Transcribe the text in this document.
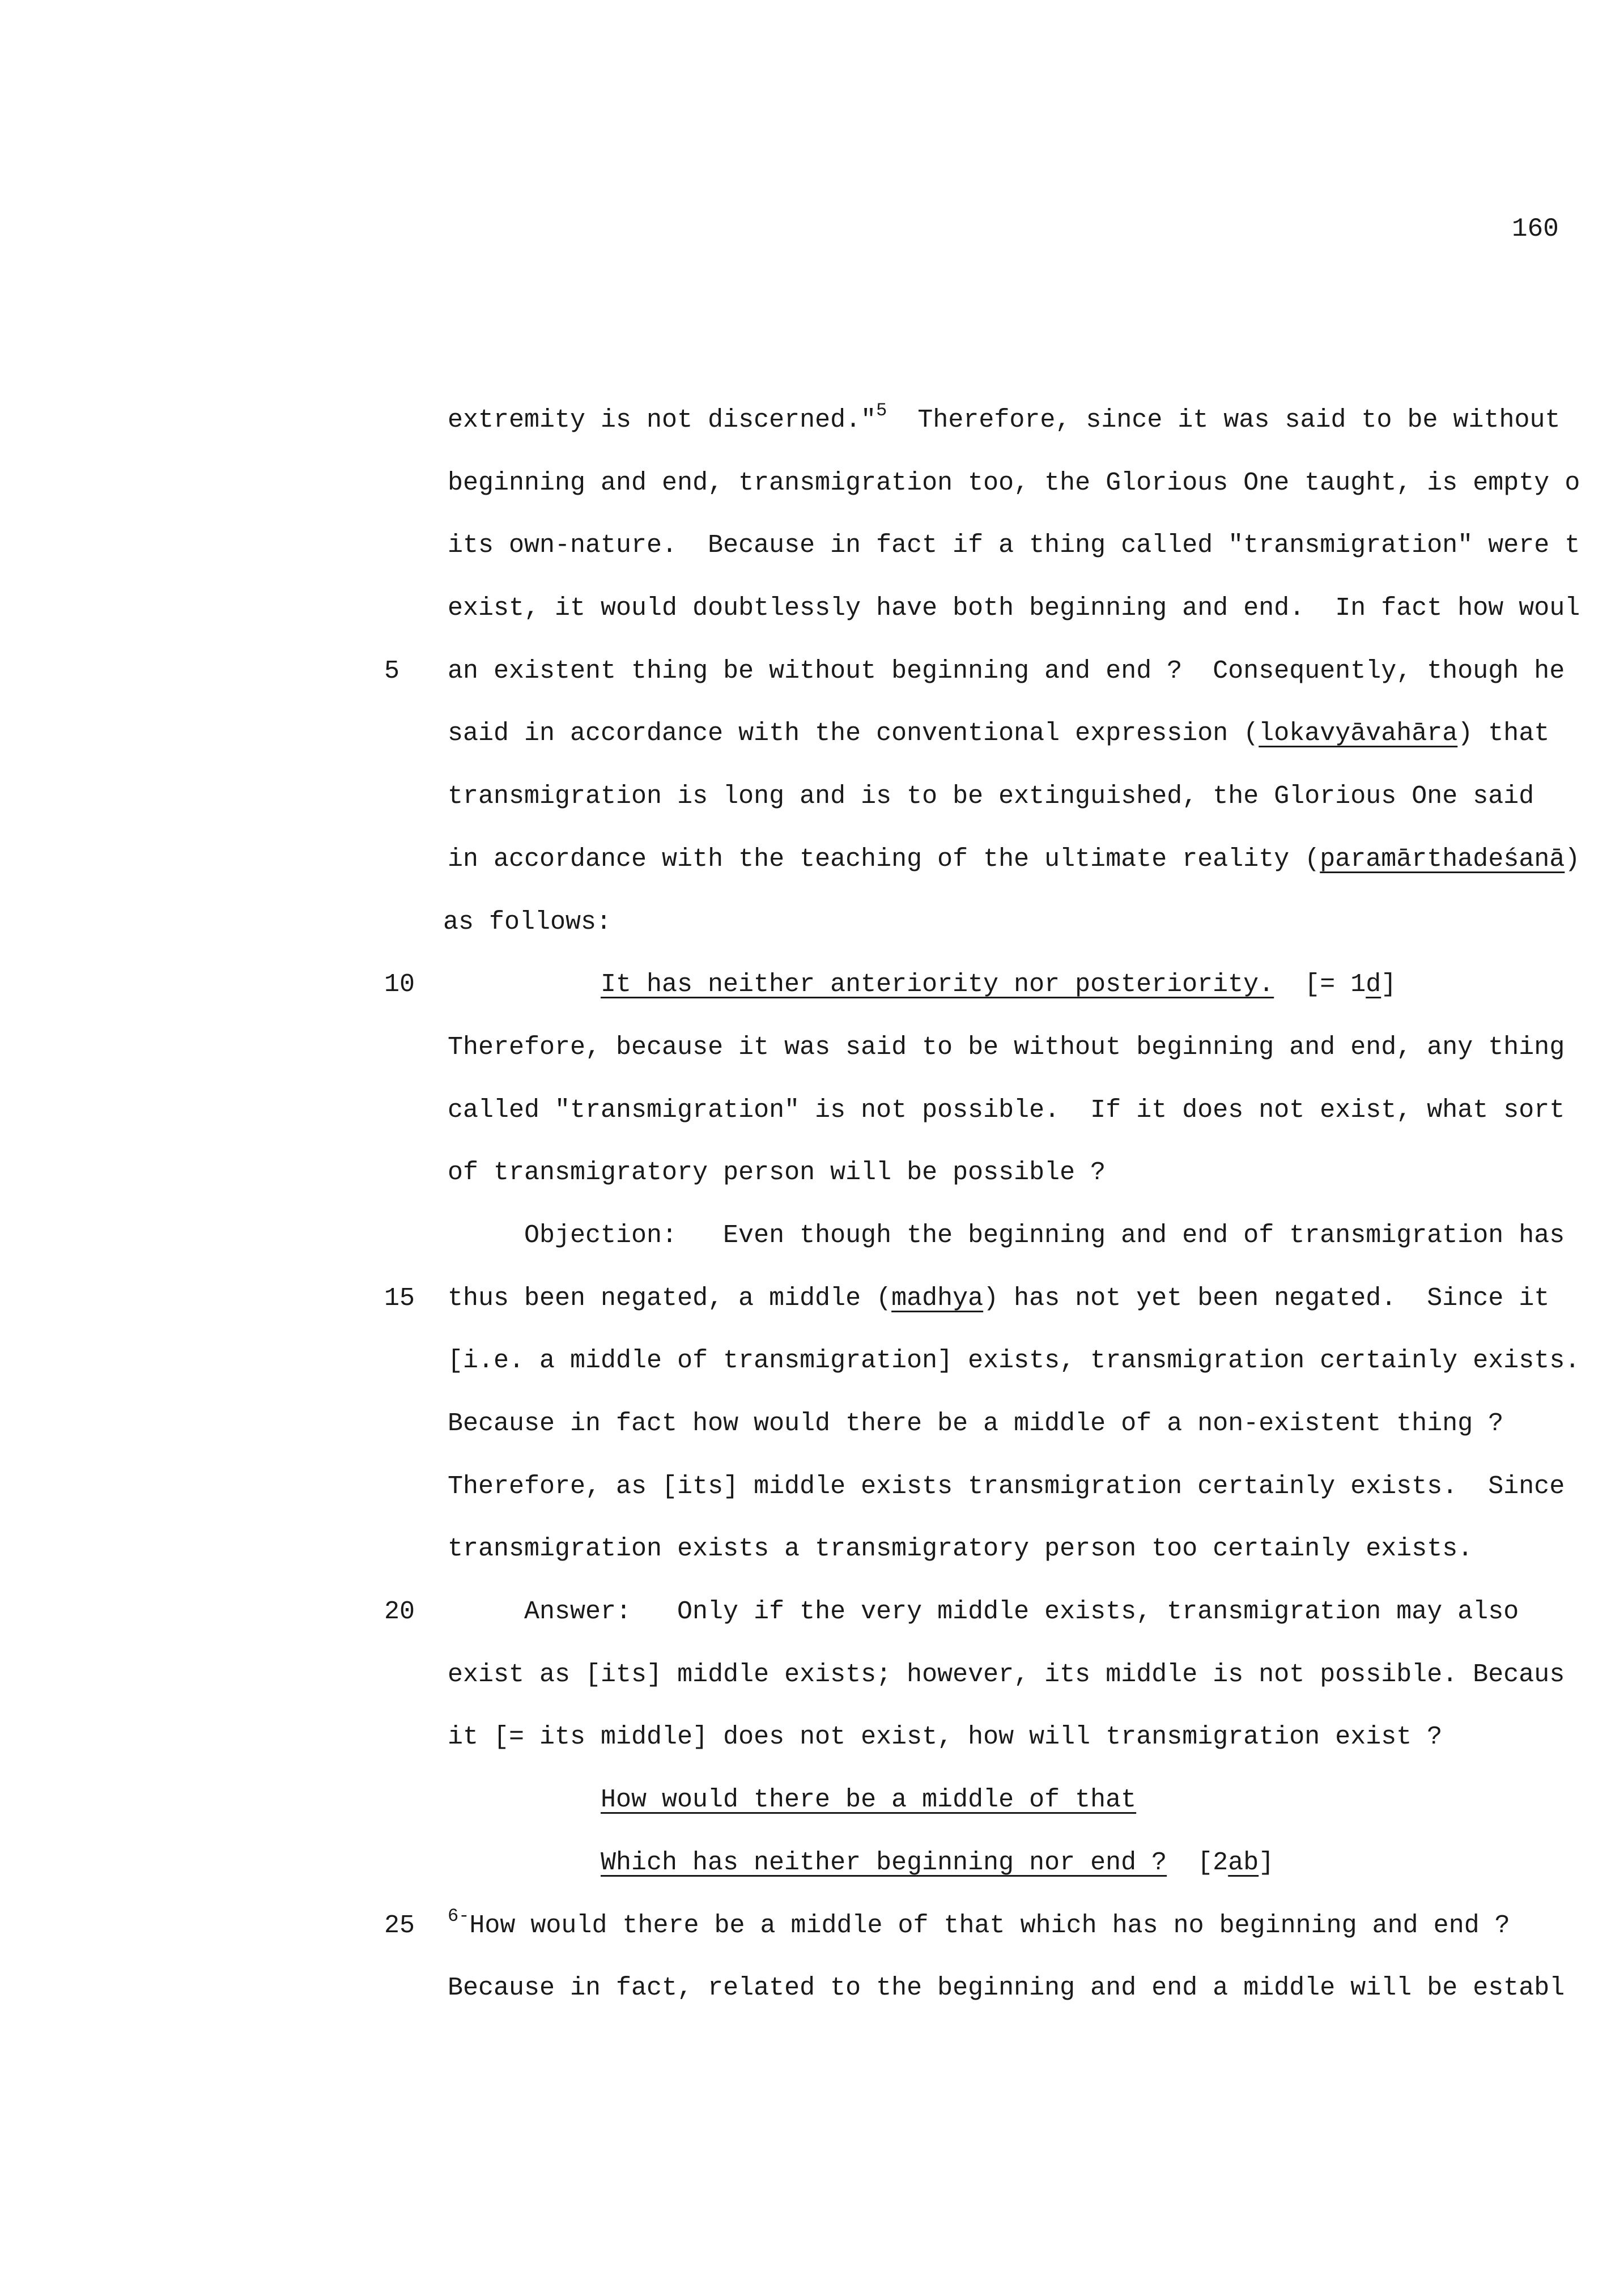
160
extremity is not discerned."$^5$  Therefore, since it was said to be without
beginning and end, transmigration too, the Glorious One taught, is empty o
its own-nature.  Because in fact if a thing called "transmigration" were t
exist, it would doubtlessly have both beginning and end.  In fact how woul
5 an existent thing be without beginning and end ?  Consequently, though he
said in accordance with the conventional expression (lokavyāvahāra) that
transmigration is long and is to be extinguished, the Glorious One said
in accordance with the teaching of the ultimate reality (paramārthadeśanā)
as follows:
10	It has neither anteriority nor posteriority.  [= 1d]
Therefore, because it was said to be without beginning and end, any thing
called "transmigration" is not possible.  If it does not exist, what sort
of transmigratory person will be possible ?
Objection:   Even though the beginning and end of transmigration has
15 thus been negated, a middle (madhya) has not yet been negated.  Since it
[i.e. a middle of transmigration] exists, transmigration certainly exists.
Because in fact how would there be a middle of a non-existent thing ?
Therefore, as [its] middle exists transmigration certainly exists.  Since
transmigration exists a transmigratory person too certainly exists.
20	Answer:   Only if the very middle exists, transmigration may also
exist as [its] middle exists; however, its middle is not possible. Becaus
it [= its middle] does not exist, how will transmigration exist ?
How would there be a middle of that
Which has neither beginning nor end ?  [2ab]
25 $^{6-}$How would there be a middle of that which has no beginning and end ?
Because in fact, related to the beginning and end a middle will be establ
